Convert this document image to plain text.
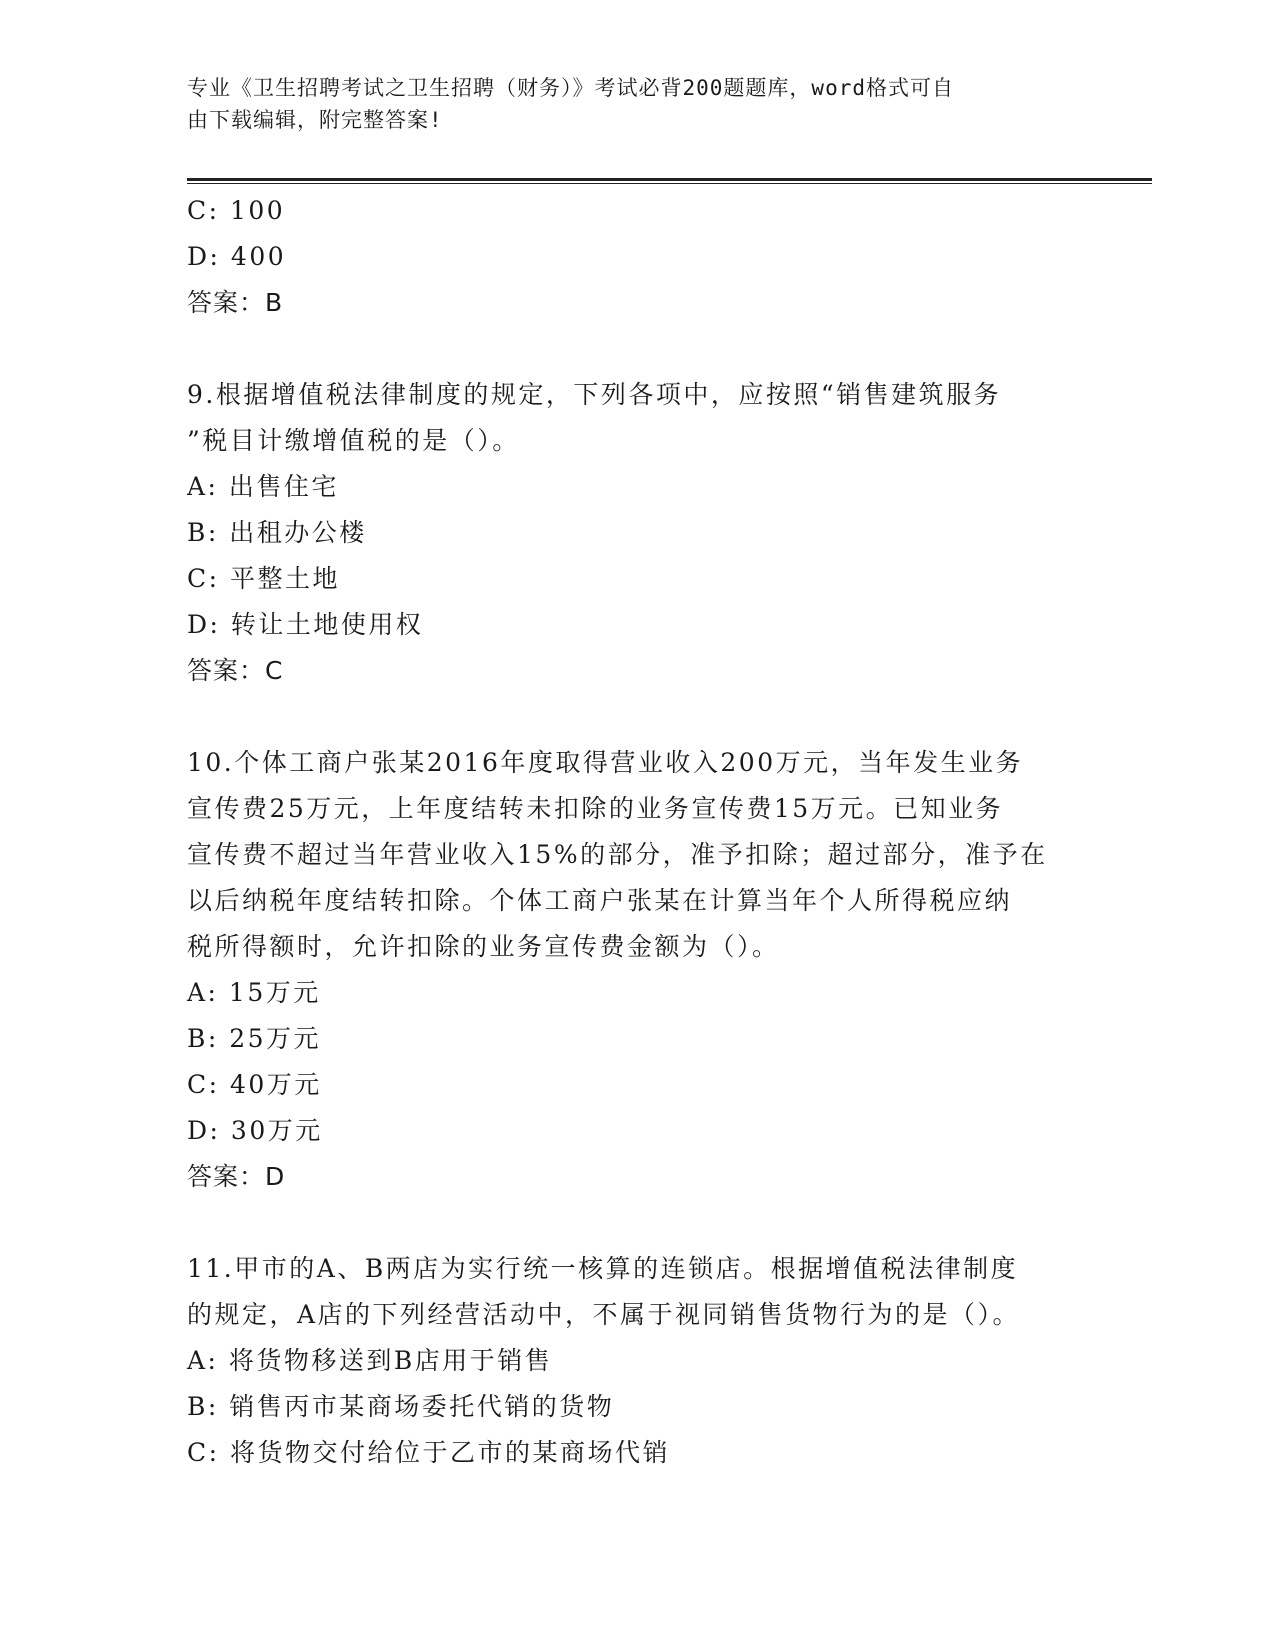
专业《卫生招聘考试之卫生招聘（财务）》考试必背200题题库，word格式可自
由下载编辑，附完整答案!
C: 100
D: 400
答案：B
9.根据增值税法律制度的规定，下列各项中，应按照“销售建筑服务
”税目计缴增值税的是（）。
A: 出售住宅
B: 出租办公楼
C: 平整土地
D: 转让土地使用权
答案：C
10.个体工商户张某2016年度取得营业收入200万元，当年发生业务
宣传费25万元，上年度结转未扣除的业务宣传费15万元。已知业务
宣传费不超过当年营业收入15%的部分，准予扣除；超过部分，准予在
以后纳税年度结转扣除。个体工商户张某在计算当年个人所得税应纳
税所得额时，允许扣除的业务宣传费金额为（）。
A: 15万元
B: 25万元
C: 40万元
D: 30万元
答案：D
11.甲市的A、B两店为实行统一核算的连锁店。根据增值税法律制度
的规定，A店的下列经营活动中，不属于视同销售货物行为的是（）。
A: 将货物移送到B店用于销售
B: 销售丙市某商场委托代销的货物
C: 将货物交付给位于乙市的某商场代销
